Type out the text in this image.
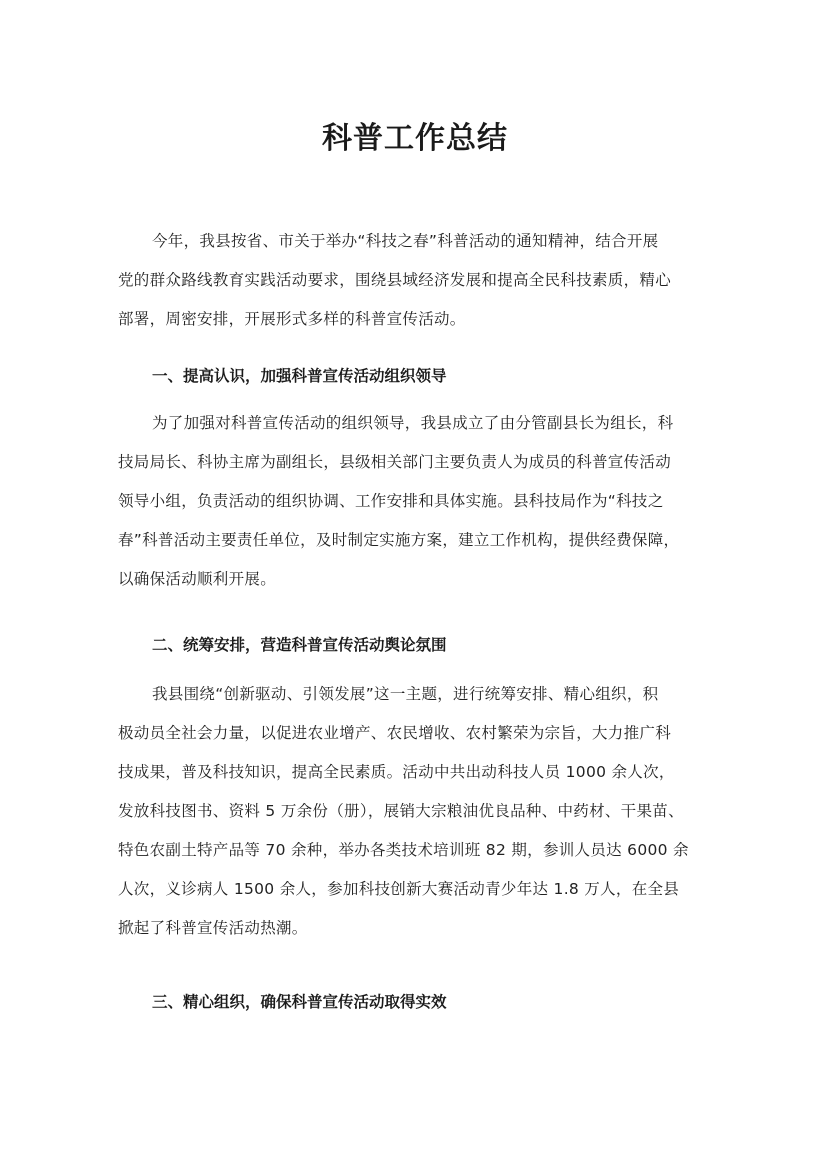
科普工作总结

今年，我县按省、市关于举办“科技之春”科普活动的通知精神，结合开展
党的群众路线教育实践活动要求，围绕县域经济发展和提高全民科技素质，精心
部署，周密安排，开展形式多样的科普宣传活动。

一、提高认识，加强科普宣传活动组织领导

为了加强对科普宣传活动的组织领导，我县成立了由分管副县长为组长，科
技局局长、科协主席为副组长，县级相关部门主要负责人为成员的科普宣传活动
领导小组，负责活动的组织协调、工作安排和具体实施。县科技局作为“科技之
春”科普活动主要责任单位，及时制定实施方案，建立工作机构，提供经费保障，
以确保活动顺利开展。

二、统筹安排，营造科普宣传活动舆论氛围

我县围绕“创新驱动、引领发展”这一主题，进行统筹安排、精心组织，积
极动员全社会力量，以促进农业增产、农民增收、农村繁荣为宗旨，大力推广科
技成果，普及科技知识，提高全民素质。活动中共出动科技人员 1000 余人次，
发放科技图书、资料 5 万余份（册），展销大宗粮油优良品种、中药材、干果苗、
特色农副土特产品等 70 余种，举办各类技术培训班 82 期，参训人员达 6000 余
人次，义诊病人 1500 余人，参加科技创新大赛活动青少年达 1.8 万人，在全县
掀起了科普宣传活动热潮。

三、精心组织，确保科普宣传活动取得实效
